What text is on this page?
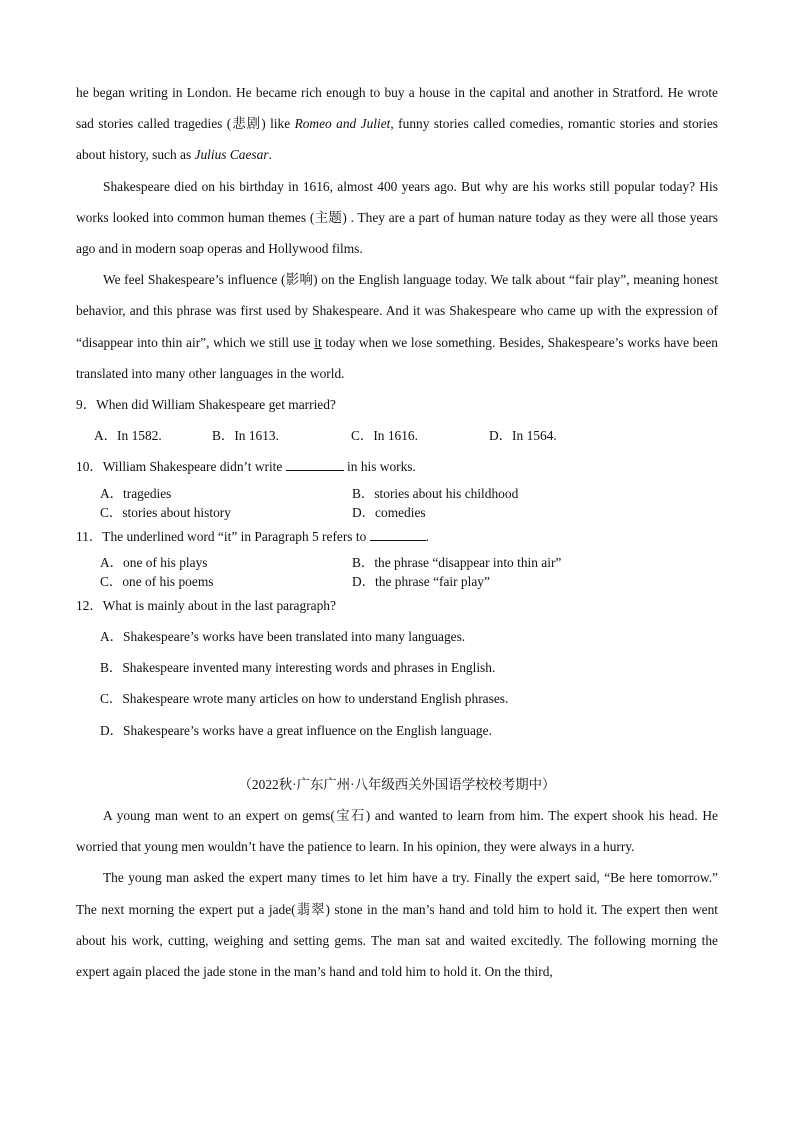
he began writing in London. He became rich enough to buy a house in the capital and another in Stratford. He wrote sad stories called tragedies (悲剧) like Romeo and Juliet, funny stories called comedies, romantic stories and stories about history, such as Julius Caesar.

Shakespeare died on his birthday in 1616, almost 400 years ago. But why are his works still popular today? His works looked into common human themes (主题) . They are a part of human nature today as they were all those years ago and in modern soap operas and Hollywood films.

We feel Shakespeare’s influence (影响) on the English language today. We talk about “fair play”, meaning honest behavior, and this phrase was first used by Shakespeare. And it was Shakespeare who came up with the expression of “disappear into thin air”, which we still use it today when we lose something. Besides, Shakespeare’s works have been translated into many other languages in the world.

9．When did William Shakespeare get married?
A．In 1582.	B．In 1613.	C．In 1616.	D．In 1564.
10．William Shakespeare didn’t write	in his works.
A．tragedies	B．stories about his childhood
C．stories about history	D．comedies
11．The underlined word “it” in Paragraph 5 refers to	.
A．one of his plays	B．the phrase “disappear into thin air”
C．one of his poems	D．the phrase “fair play”
12．What is mainly about in the last paragraph?
A．Shakespeare’s works have been translated into many languages.
B．Shakespeare invented many interesting words and phrases in English.
C．Shakespeare wrote many articles on how to understand English phrases.
D．Shakespeare’s works have a great influence on the English language.
（2022秋·广东广州·八年级西关外国语学校校考期中）

A young man went to an expert on gems(宝石) and wanted to learn from him. The expert shook his head. He worried that young men wouldn’t have the patience to learn. In his opinion, they were always in a hurry.

The young man asked the expert many times to let him have a try. Finally the expert said, “Be here tomorrow.” The next morning the expert put a jade(翡翠) stone in the man’s hand and told him to hold it. The expert then went about his work, cutting, weighing and setting gems. The man sat and waited excitedly. The following morning the expert again placed the jade stone in the man’s hand and told him to hold it. On the third,
